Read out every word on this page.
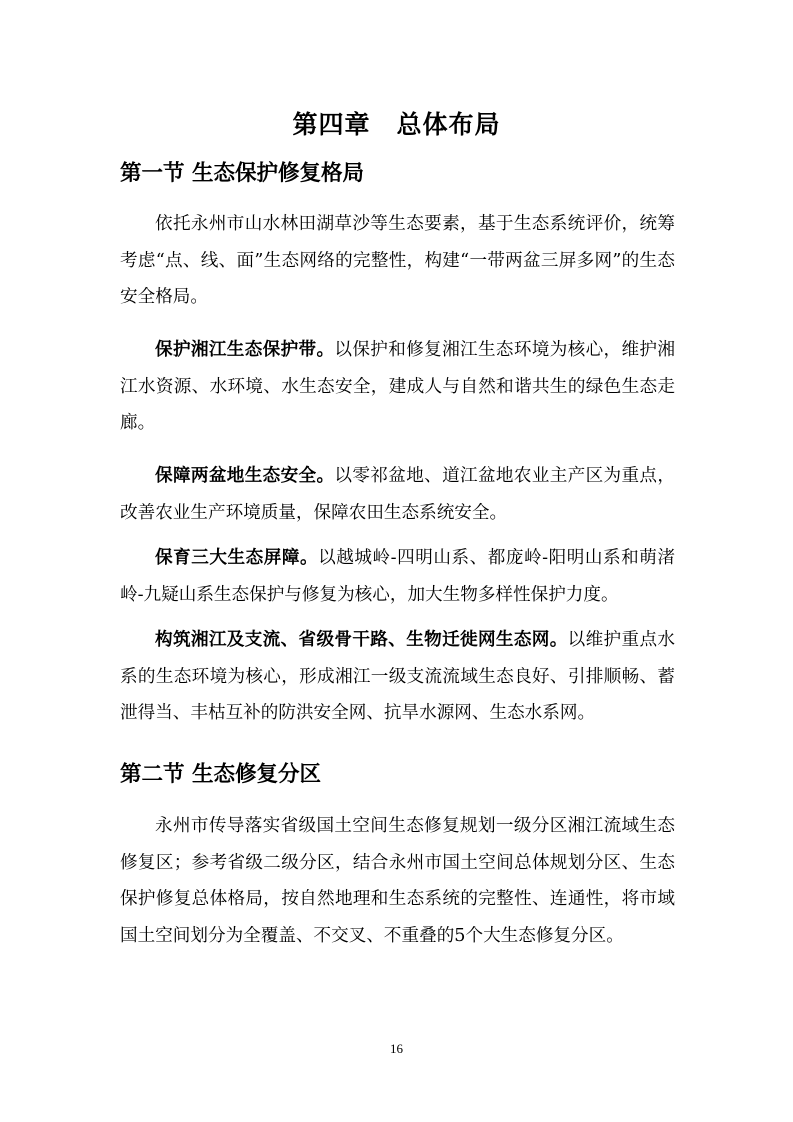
第四章　总体布局
第一节 生态保护修复格局

依托永州市山水林田湖草沙等生态要素，基于生态系统评价，统筹考虑“点、线、面”生态网络的完整性，构建“一带两盆三屏多网”的生态安全格局。

保护湘江生态保护带。以保护和修复湘江生态环境为核心，维护湘江水资源、水环境、水生态安全，建成人与自然和谐共生的绿色生态走廊。

保障两盆地生态安全。以零祁盆地、道江盆地农业主产区为重点，改善农业生产环境质量，保障农田生态系统安全。

保育三大生态屏障。以越城岭-四明山系、都庞岭-阳明山系和萌渚岭-九疑山系生态保护与修复为核心，加大生物多样性保护力度。

构筑湘江及支流、省级骨干路、生物迁徙网生态网。以维护重点水系的生态环境为核心，形成湘江一级支流流域生态良好、引排顺畅、蓄泄得当、丰枯互补的防洪安全网、抗旱水源网、生态水系网。

第二节 生态修复分区

永州市传导落实省级国土空间生态修复规划一级分区湘江流域生态修复区；参考省级二级分区，结合永州市国土空间总体规划分区、生态保护修复总体格局，按自然地理和生态系统的完整性、连通性，将市域国土空间划分为全覆盖、不交叉、不重叠的5个大生态修复分区。

16
